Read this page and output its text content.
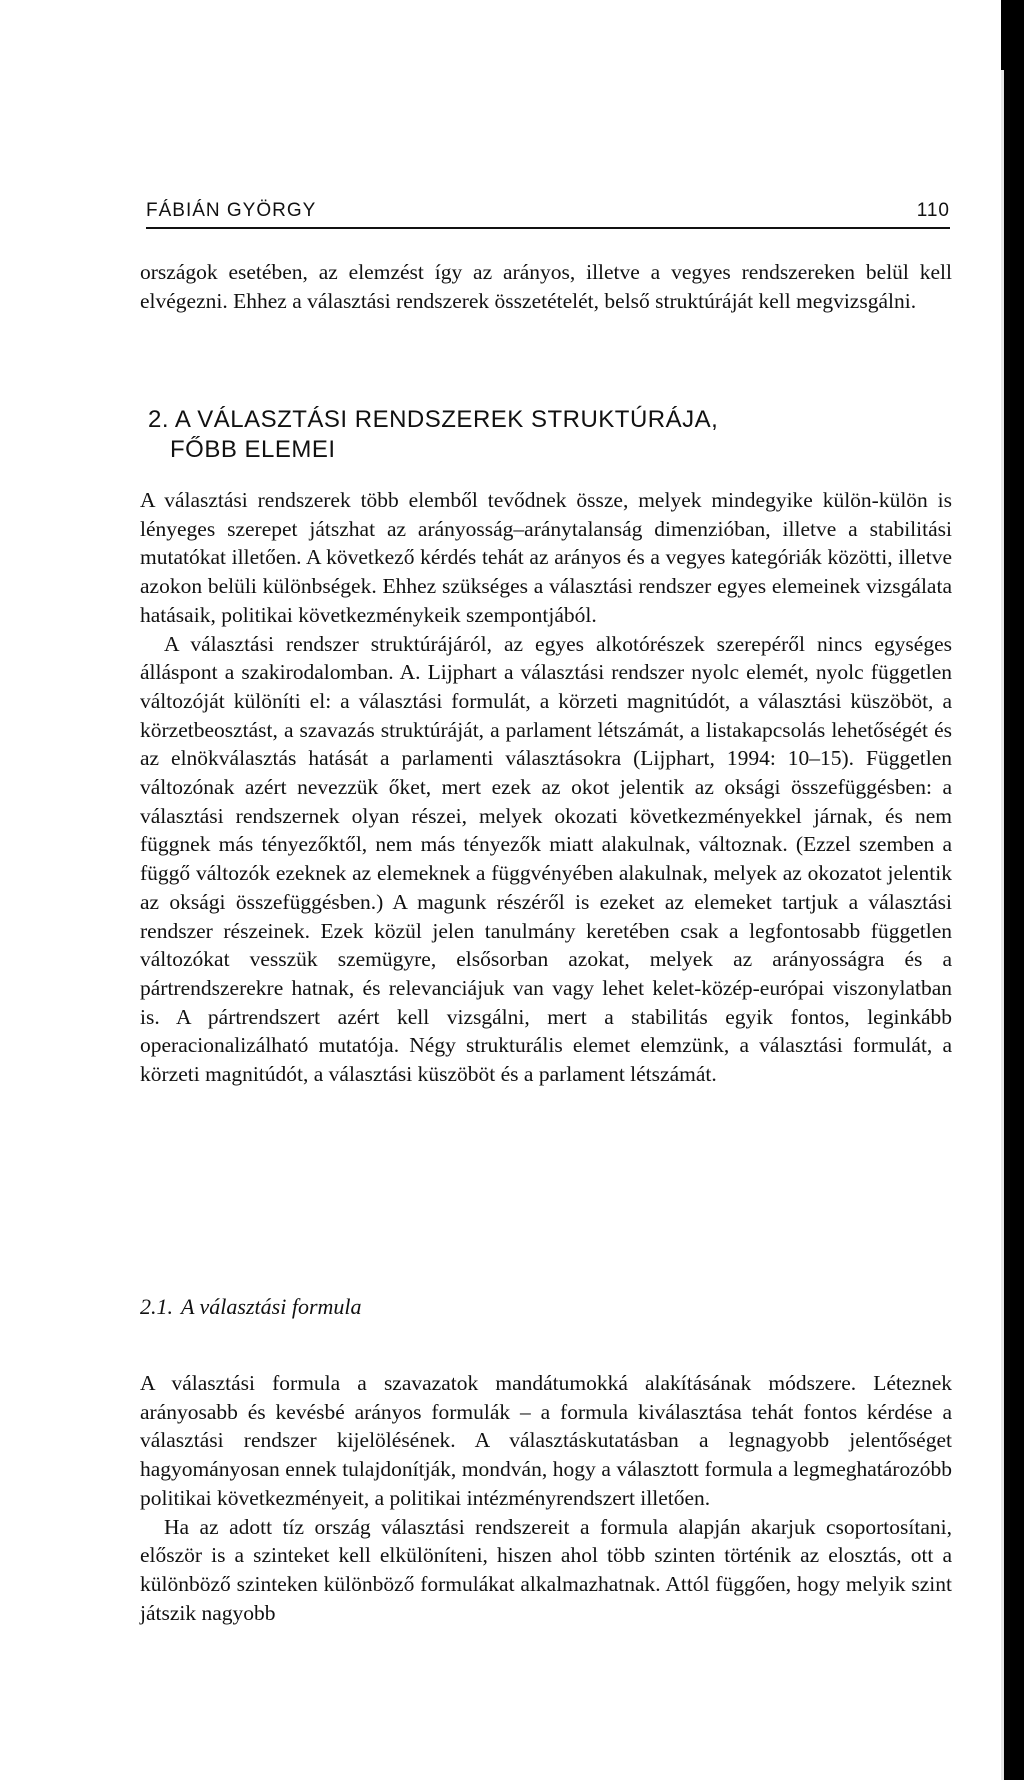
FÁBIÁN GYÖRGY	110

országok esetében, az elemzést így az arányos, illetve a vegyes rendszereken belül kell elvégezni. Ehhez a választási rendszerek összetételét, belső struktúráját kell megvizsgálni.

2. A VÁLASZTÁSI RENDSZEREK STRUKTÚRÁJA,
FŐBB ELEMEI

A választási rendszerek több elemből tevődnek össze, melyek mindegyike külön-külön is lényeges szerepet játszhat az arányosság–aránytalanság dimenzióban, illetve a stabilitási mutatókat illetően. A következő kérdés tehát az arányos és a vegyes kategóriák közötti, illetve azokon belüli különbségek. Ehhez szükséges a választási rendszer egyes elemeinek vizsgálata hatásaik, politikai következménykeik szempontjából.

A választási rendszer struktúrájáról, az egyes alkotórészek szerepéről nincs egységes álláspont a szakirodalomban. A. Lijphart a választási rendszer nyolc elemét, nyolc független változóját különíti el: a választási formulát, a körzeti magnitúdót, a választási küszöböt, a körzetbeosztást, a szavazás struktúráját, a parlament létszámát, a listakapcsolás lehetőségét és az elnökválasztás hatását a parlamenti választásokra (Lijphart, 1994: 10–15). Független változónak azért nevezzük őket, mert ezek az okot jelentik az oksági összefüggésben: a választási rendszernek olyan részei, melyek okozati következményekkel járnak, és nem függnek más tényezőktől, nem más tényezők miatt alakulnak, változnak. (Ezzel szemben a függő változók ezeknek az elemeknek a függvényében alakulnak, melyek az okozatot jelentik az oksági összefüggésben.) A magunk részéről is ezeket az elemeket tartjuk a választási rendszer részeinek. Ezek közül jelen tanulmány keretében csak a legfontosabb független változókat vesszük szemügyre, elsősorban azokat, melyek az arányosságra és a pártrendszerekre hatnak, és relevanciájuk van vagy lehet kelet-közép-európai viszonylatban is. A pártrendszert azért kell vizsgálni, mert a stabilitás egyik fontos, leginkább operacionalizálható mutatója. Négy strukturális elemet elemzünk, a választási formulát, a körzeti magnitúdót, a választási küszöböt és a parlament létszámát.

2.1. A választási formula

A választási formula a szavazatok mandátumokká alakításának módszere. Léteznek arányosabb és kevésbé arányos formulák – a formula kiválasztása tehát fontos kérdése a választási rendszer kijelölésének. A választáskutatásban a legnagyobb jelentőséget hagyományosan ennek tulajdonítják, mondván, hogy a választott formula a legmeghatározóbb politikai következményeit, a politikai intézményrendszert illetően.

Ha az adott tíz ország választási rendszereit a formula alapján akarjuk csoportosítani, először is a szinteket kell elkülöníteni, hiszen ahol több szinten történik az elosztás, ott a különböző szinteken különböző formulákat alkalmazhatnak. Attól függően, hogy melyik szint játszik nagyobb
